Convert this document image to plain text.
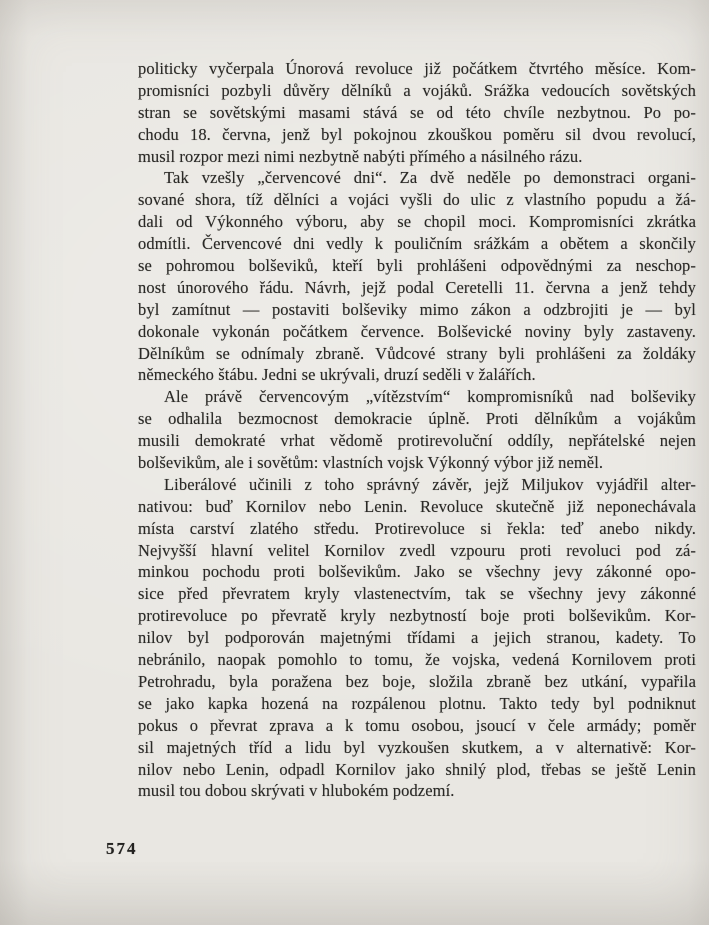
politicky vyčerpala Únorová revoluce již počátkem čtvrtého měsíce. Kom-
promisníci pozbyli důvěry dělníků a vojáků. Srážka vedoucích sovětských
stran se sovětskými masami stává se od této chvíle nezbytnou. Po po-
chodu 18. června, jenž byl pokojnou zkouškou poměru sil dvou revolucí,
musil rozpor mezi nimi nezbytně nabýti přímého a násilného rázu.
Tak vzešly „červencové dni“. Za dvě neděle po demonstraci organi-
sované shora, tíž dělníci a vojáci vyšli do ulic z vlastního popudu a žá-
dali od Výkonného výboru, aby se chopil moci. Kompromisníci zkrátka
odmítli. Červencové dni vedly k pouličním srážkám a obětem a skončily
se pohromou bolševiků, kteří byli prohlášeni odpovědnými za neschop-
nost únorového řádu. Návrh, jejž podal Ceretelli 11. června a jenž tehdy
byl zamítnut — postaviti bolševiky mimo zákon a odzbrojiti je — byl
dokonale vykonán počátkem července. Bolševické noviny byly zastaveny.
Dělníkům se odnímaly zbraně. Vůdcové strany byli prohlášeni za žoldáky
německého štábu. Jedni se ukrývali, druzí seděli v žalářích.
Ale právě červencovým „vítězstvím“ kompromisníků nad bolševiky
se odhalila bezmocnost demokracie úplně. Proti dělníkům a vojákům
musili demokraté vrhat vědomě protirevoluční oddíly, nepřátelské nejen
bolševikům, ale i sovětům: vlastních vojsk Výkonný výbor již neměl.
Liberálové učinili z toho správný závěr, jejž Miljukov vyjádřil alter-
nativou: buď Kornilov nebo Lenin. Revoluce skutečně již neponechávala
místa carství zlatého středu. Protirevoluce si řekla: teď anebo nikdy.
Nejvyšší hlavní velitel Kornilov zvedl vzpouru proti revoluci pod zá-
minkou pochodu proti bolševikům. Jako se všechny jevy zákonné opo-
sice před převratem kryly vlastenectvím, tak se všechny jevy zákonné
protirevoluce po převratě kryly nezbytností boje proti bolševikům. Kor-
nilov byl podporován majetnými třídami a jejich stranou, kadety. To
nebránilo, naopak pomohlo to tomu, že vojska, vedená Kornilovem proti
Petrohradu, byla poražena bez boje, složila zbraně bez utkání, vypařila
se jako kapka hozená na rozpálenou plotnu. Takto tedy byl podniknut
pokus o převrat zprava a k tomu osobou, jsoucí v čele armády; poměr
sil majetných tříd a lidu byl vyzkoušen skutkem, a v alternativě: Kor-
nilov nebo Lenin, odpadl Kornilov jako shnilý plod, třebas se ještě Lenin
musil tou dobou skrývati v hlubokém podzemí.
574
